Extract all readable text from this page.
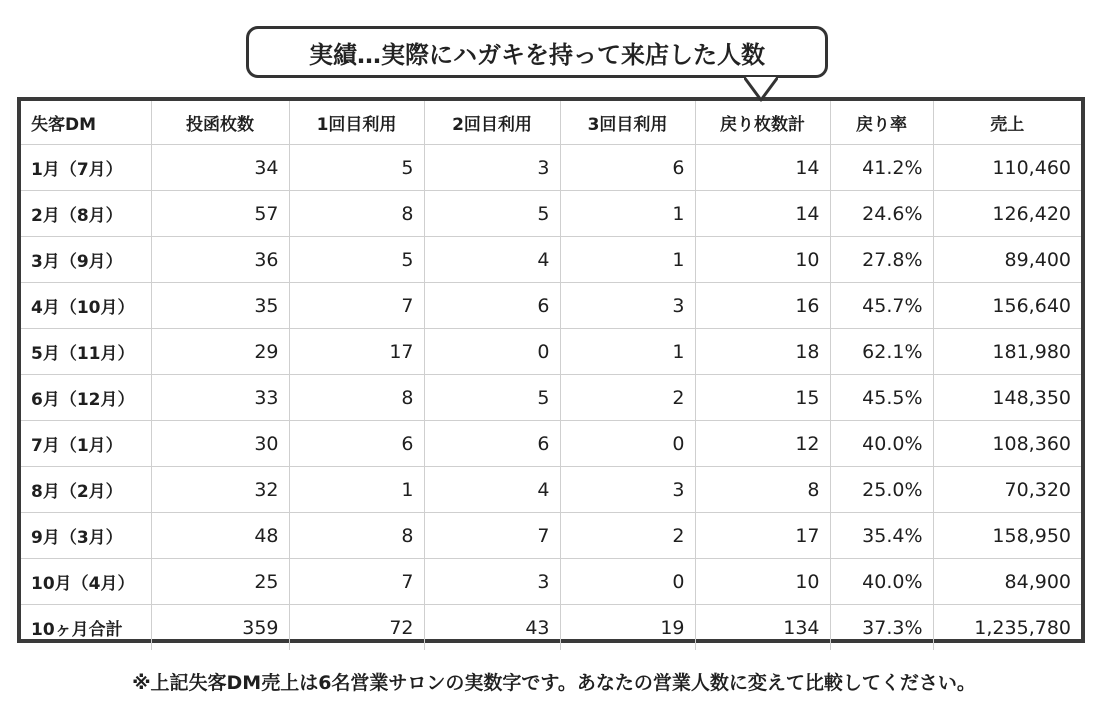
実績…実際にハガキを持って来店した人数
失客DM	投函枚数	1回目利用	2回目利用	3回目利用	戻り枚数計	戻り率	売上
1月（7月）	34	5	3	6	14	41.2%	110,460
2月（8月）	57	8	5	1	14	24.6%	126,420
3月（9月）	36	5	4	1	10	27.8%	89,400
4月（10月）	35	7	6	3	16	45.7%	156,640
5月（11月）	29	17	0	1	18	62.1%	181,980
6月（12月）	33	8	5	2	15	45.5%	148,350
7月（1月）	30	6	6	0	12	40.0%	108,360
8月（2月）	32	1	4	3	8	25.0%	70,320
9月（3月）	48	8	7	2	17	35.4%	158,950
10月（4月）	25	7	3	0	10	40.0%	84,900
10ヶ月合計	359	72	43	19	134	37.3%	1,235,780
※上記失客DM売上は6名営業サロンの実数字です。あなたの営業人数に変えて比較してください。
